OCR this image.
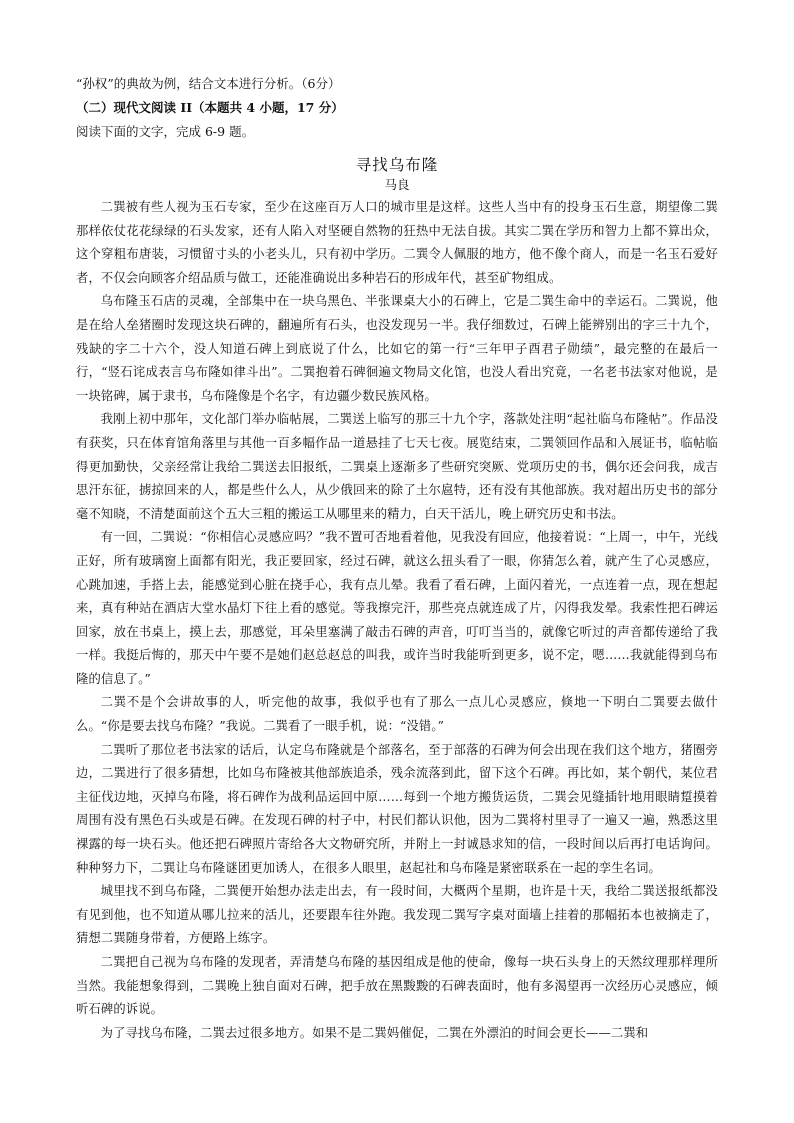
“孙权”的典故为例，结合文本进行分析。（6分）

（二）现代文阅读 II（本题共 4 小题，17 分）

阅读下面的文字，完成 6-9 题。

寻找乌布隆
马良

二巽被有些人视为玉石专家，至少在这座百万人口的城市里是这样。这些人当中有的投身玉石生意，期望像二巽那样依仗花花绿绿的石头发家，还有人陷入对坚硬自然物的狂热中无法自拔。其实二巽在学历和智力上都不算出众，这个穿粗布唐装，习惯留寸头的小老头儿，只有初中学历。二巽令人佩服的地方，他不像个商人，而是一名玉石爱好者，不仅会向顾客介绍品质与做工，还能准确说出多种岩石的形成年代，甚至矿物组成。

乌布隆玉石店的灵魂，全部集中在一块乌黑色、半张课桌大小的石碑上，它是二巽生命中的幸运石。二巽说，他是在给人垒猪圈时发现这块石碑的，翻遍所有石头，也没发现另一半。我仔细数过，石碑上能辨别出的字三十九个，残缺的字二十六个，没人知道石碑上到底说了什么，比如它的第一行“三年甲子酉君子勋绩”，最完整的在最后一行，“竖石诧成表言乌布隆如律斗出”。二巽抱着石碑徊遍文物局文化馆，也没人看出究竟，一名老书法家对他说，是一块铭碑，属于隶书，乌布隆像是个名字，有边疆少数民族风格。

我刚上初中那年，文化部门举办临帖展，二巽送上临写的那三十九个字，落款处注明“起社临乌布隆帖”。作品没有获奖，只在体育馆角落里与其他一百多幅作品一道悬挂了七天七夜。展览结束，二巽领回作品和入展证书，临帖临得更加勤快，父亲经常让我给二巽送去旧报纸，二巽桌上逐渐多了些研究突厥、党项历史的书，偶尔还会问我，成吉思汗东征，掳掠回来的人，都是些什么人，从少俄回来的除了土尔扈特，还有没有其他部族。我对超出历史书的部分毫不知晓，不清楚面前这个五大三粗的搬运工从哪里来的精力，白天干活儿，晚上研究历史和书法。

有一回，二巽说：“你相信心灵感应吗？”我不置可否地看着他，见我没有回应，他接着说：“上周一，中午，光线正好，所有玻璃窗上面都有阳光，我正要回家，经过石碑，就这么扭头看了一眼，你猜怎么着，就产生了心灵感应，心跳加速，手搭上去，能感觉到心脏在挠手心，我有点儿晕。我看了看石碑，上面闪着光，一点连着一点，现在想起来，真有种站在酒店大堂水晶灯下往上看的感觉。等我擦完汗，那些亮点就连成了片，闪得我发晕。我索性把石碑运回家，放在书桌上，摸上去，那感觉，耳朵里塞满了敲击石碑的声音，叮叮当当的，就像它听过的声音都传递给了我一样。我挺后悔的，那天中午要不是她们赵总赵总的叫我，或许当时我能听到更多，说不定，嗯……我就能得到乌布隆的信息了。”

二巽不是个会讲故事的人，听完他的故事，我似乎也有了那么一点儿心灵感应，倏地一下明白二巽要去做什么。“你是要去找乌布隆？”我说。二巽看了一眼手机，说：“没错。”

二巽听了那位老书法家的话后，认定乌布隆就是个部落名，至于部落的石碑为何会出现在我们这个地方，猪圈旁边，二巽进行了很多猜想，比如乌布隆被其他部族追杀，残余流落到此，留下这个石碑。再比如，某个朝代，某位君主征伐边地，灭掉乌布隆，将石碑作为战利品运回中原……每到一个地方搬货运货，二巽会见缝插针地用眼睛踅摸着周围有没有黑色石头或是石碑。在发现石碑的村子中，村民们都认识他，因为二巽将村里寻了一遍又一遍，熟悉这里裸露的每一块石头。他还把石碑照片寄给各大文物研究所，并附上一封诚恳求知的信，一段时间以后再打电话询问。种种努力下，二巽让乌布隆谜团更加诱人，在很多人眼里，赵起社和乌布隆是紧密联系在一起的孪生名词。

城里找不到乌布隆，二巽便开始想办法走出去，有一段时间，大概两个星期，也许是十天，我给二巽送报纸都没有见到他，也不知道从哪儿拉来的活儿，还要跟车往外跑。我发现二巽写字桌对面墙上挂着的那幅拓本也被摘走了，猜想二巽随身带着，方便路上练字。

二巽把自己视为乌布隆的发现者，弄清楚乌布隆的基因组成是他的使命，像每一块石头身上的天然纹理那样理所当然。我能想象得到，二巽晚上独自面对石碑，把手放在黑黢黢的石碑表面时，他有多渴望再一次经历心灵感应，倾听石碑的诉说。

为了寻找乌布隆，二巽去过很多地方。如果不是二巽妈催促，二巽在外漂泊的时间会更长——二巽和
